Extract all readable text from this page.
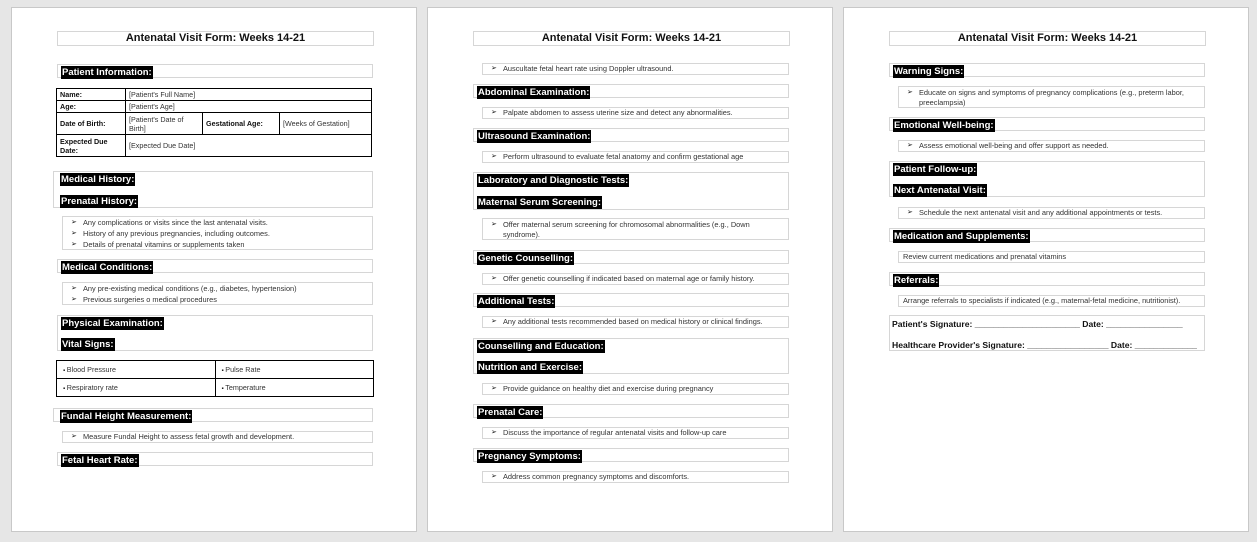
Antenatal Visit Form: Weeks 14-21
Patient Information:
Name:	[Patient's Full Name]		
Age:	[Patient's Age]		
Date of Birth:	[Patient's Date of Birth]	Gestational Age:	[Weeks of Gestation]
Expected Due Date:	[Expected Due Date]		
Medical History:
Prenatal History:
➢ Any complications or visits since the last antenatal visits.
➢ History of any previous pregnancies, including outcomes.
➢ Details of prenatal vitamins or supplements taken
Medical Conditions:
➢ Any pre-existing medical conditions (e.g., diabetes, hypertension)
➢ Previous surgeries o medical procedures
Physical Examination:
Vital Signs:
▪ Blood Pressure	▪Pulse Rate
▪ Respiratory rate	▪Temperature
Fundal Height Measurement:
➢ Measure Fundal Height to assess fetal growth and development.
Fetal Heart Rate:
Antenatal Visit Form: Weeks 14-21
➢ Auscultate fetal heart rate using Doppler ultrasound.
Abdominal Examination:
➢ Palpate abdomen to assess uterine size and detect any abnormalities.
Ultrasound Examination:
➢ Perform ultrasound to evaluate fetal anatomy and confirm gestational age
Laboratory and Diagnostic Tests:
Maternal Serum Screening:
➢ Offer maternal serum screening for chromosomal abnormalities (e.g., Down syndrome).
Genetic Counselling:
➢ Offer genetic counselling if indicated based on maternal age or family history.
Additional Tests:
➢ Any additional tests recommended based on medical history or clinical findings.
Counselling and Education:
Nutrition and Exercise:
➢ Provide guidance on healthy diet and exercise during pregnancy
Prenatal Care:
➢ Discuss the importance of regular antenatal visits and follow-up care
Pregnancy Symptoms:
➢ Address common pregnancy symptoms and discomforts.
Antenatal Visit Form: Weeks 14-21
Warning Signs:
➢ Educate on signs and symptoms of pregnancy complications (e.g., preterm labor, preeclampsia)
Emotional Well-being:
➢ Assess emotional well-being and offer support as needed.
Patient Follow-up:
Next Antenatal Visit:
➢ Schedule the next antenatal visit and any additional appointments or tests.
Medication and Supplements:
Review current medications and prenatal vitamins
Referrals:
Arrange referrals to specialists if indicated (e.g., maternal-fetal medicine, nutritionist).
Patient's Signature: ______________________ Date: ________________
Healthcare Provider's Signature: _________________ Date: _____________
